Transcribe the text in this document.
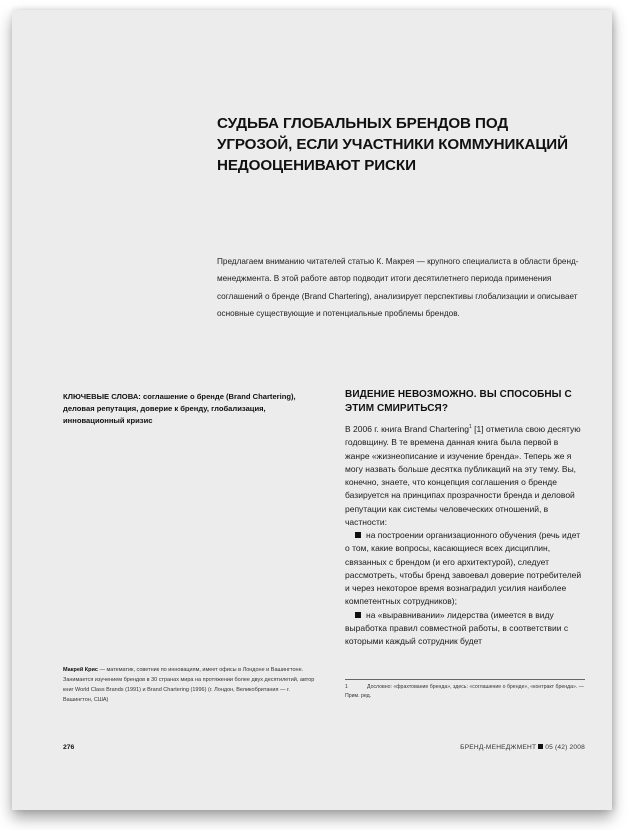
СУДЬБА ГЛОБАЛЬНЫХ БРЕНДОВ ПОД УГРОЗОЙ, ЕСЛИ УЧАСТНИКИ КОММУНИКАЦИЙ НЕДООЦЕНИВАЮТ РИСКИ

Предлагаем вниманию читателей статью К. Макрея — крупного специалиста в области бренд-менеджмента. В этой работе автор подводит итоги десятилетнего периода применения соглашений о бренде (Brand Chartering), анализирует перспективы глобализации и описывает основные существующие и потенциальные проблемы брендов.

КЛЮЧЕВЫЕ СЛОВА: соглашение о бренде (Brand Chartering), деловая репутация, доверие к бренду, глобализация, инновационный кризис

ВИДЕНИЕ НЕВОЗМОЖНО. ВЫ СПОСОБНЫ С ЭТИМ СМИРИТЬСЯ?

В 2006 г. книга Brand Chartering$^1$ [1] отметила свою десятую годовщину. В те времена данная книга была первой в жанре «жизнеописание и изучение бренда». Теперь же я могу назвать больше десятка публикаций на эту тему. Вы, конечно, знаете, что концепция соглашения о бренде базируется на принципах прозрачности бренда и деловой репутации как системы человеческих отношений, в частности:

на построении организационного обучения (речь идет о том, какие вопросы, касающиеся всех дисциплин, связанных с брендом (и его архитектурой), следует рассмотреть, чтобы бренд завоевал доверие потребителей и через некоторое время вознаградил усилия наиболее компетентных сотрудников);

на «выравнивании» лидерства (имеется в виду выработка правил совместной работы, в соответствии с которыми каждый сотрудник будет

Макрей Крис — математик, советник по инновациям, имеет офисы в Лондоне и Вашингтоне. Занимается изучением брендов в 30 странах мира на протяжении более двух десятилетий, автор книг World Class Brands (1991) и Brand Chartering (1996) (г. Лондон, Великобритания — г. Вашингтон, США)

1	Дословно: «фрахтование бренда», здесь: «соглашение о бренде», «контракт бренда». — Прим. ред.

276	БРЕНД-МЕНЕДЖМЕНТ 05 (42) 2008
